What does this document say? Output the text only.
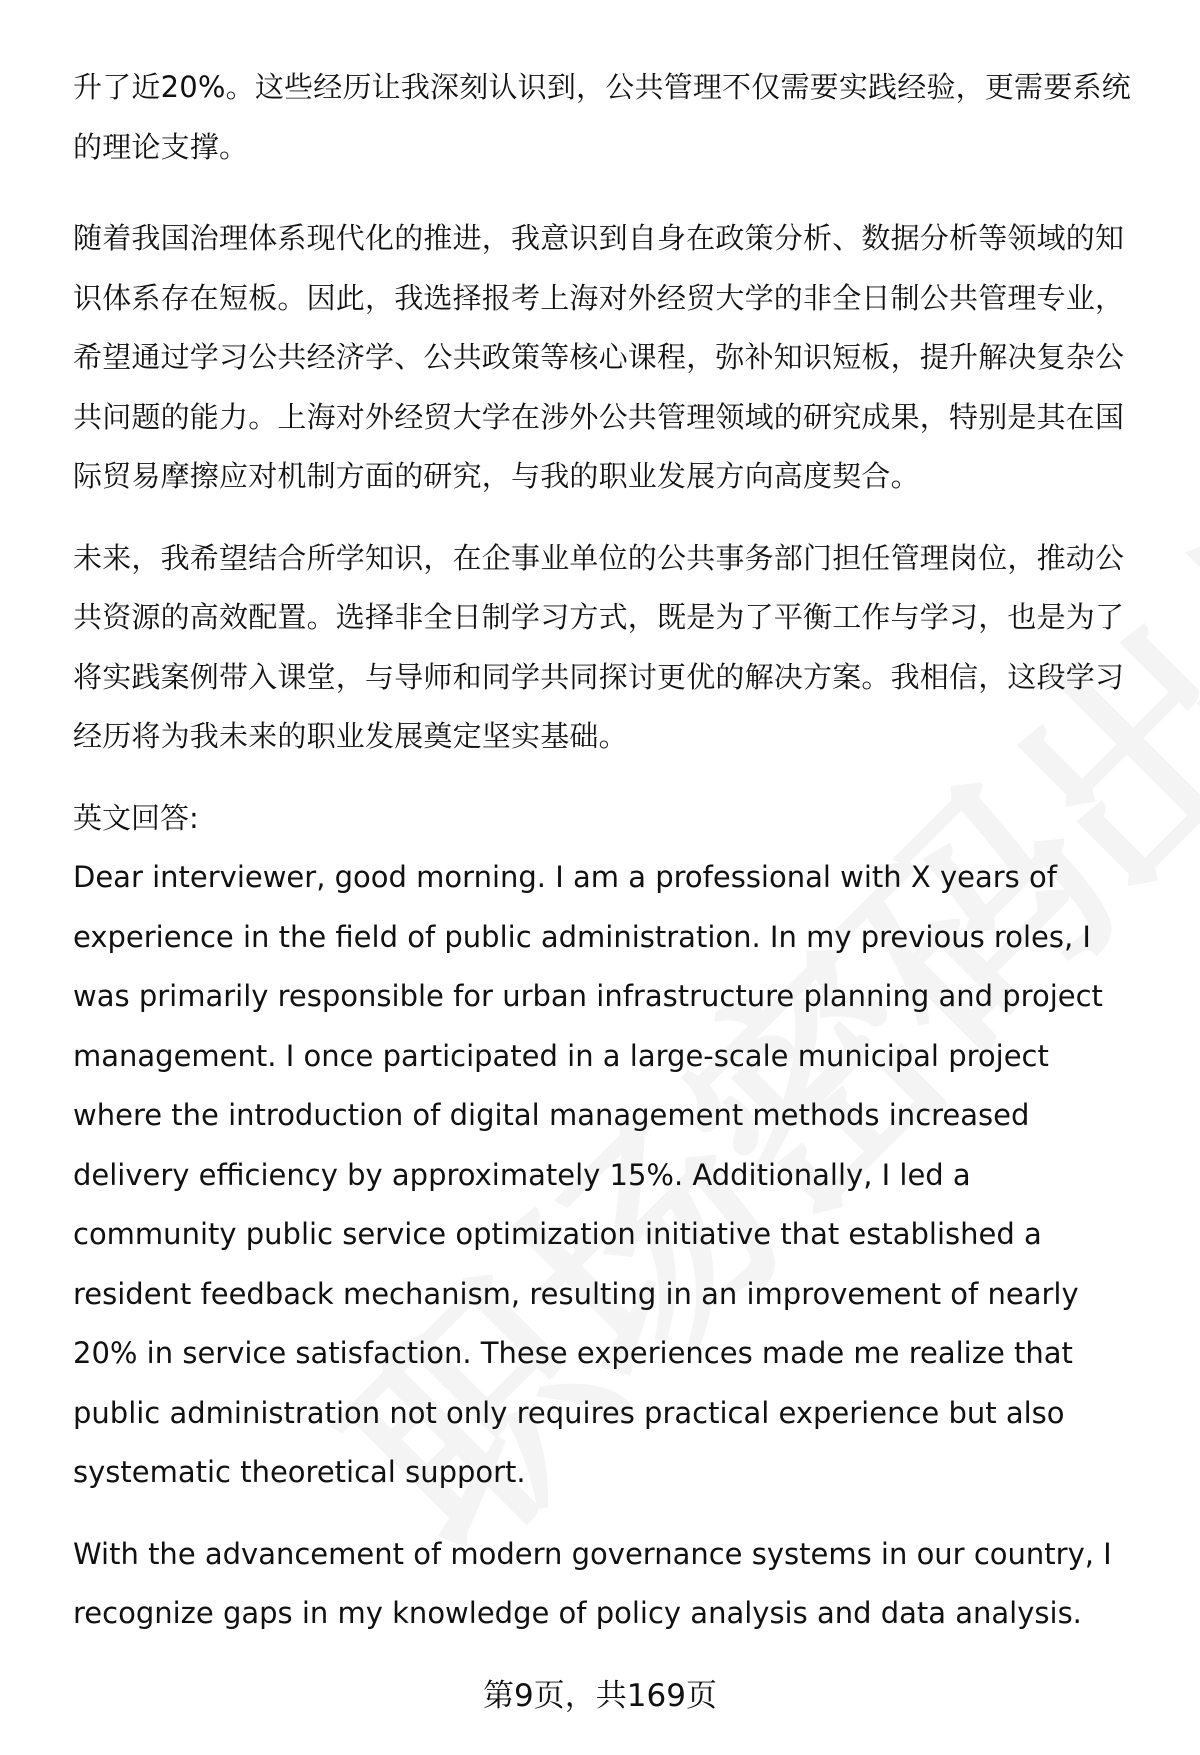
升了近20%。这些经历让我深刻认识到，公共管理不仅需要实践经验，更需要系统的理论支撑。

随着我国治理体系现代化的推进，我意识到自身在政策分析、数据分析等领域的知识体系存在短板。因此，我选择报考上海对外经贸大学的非全日制公共管理专业，希望通过学习公共经济学、公共政策等核心课程，弥补知识短板，提升解决复杂公共问题的能力。上海对外经贸大学在涉外公共管理领域的研究成果，特别是其在国际贸易摩擦应对机制方面的研究，与我的职业发展方向高度契合。

未来，我希望结合所学知识，在企事业单位的公共事务部门担任管理岗位，推动公共资源的高效配置。选择非全日制学习方式，既是为了平衡工作与学习，也是为了将实践案例带入课堂，与导师和同学共同探讨更优的解决方案。我相信，这段学习经历将为我未来的职业发展奠定坚实基础。

英文回答:

Dear interviewer, good morning. I am a professional with X years of experience in the field of public administration. In my previous roles, I was primarily responsible for urban infrastructure planning and project management. I once participated in a large-scale municipal project where the introduction of digital management methods increased delivery efficiency by approximately 15%. Additionally, I led a community public service optimization initiative that established a resident feedback mechanism, resulting in an improvement of nearly 20% in service satisfaction. These experiences made me realize that public administration not only requires practical experience but also systematic theoretical support.

With the advancement of modern governance systems in our country, I recognize gaps in my knowledge of policy analysis and data analysis.

第9页，共169页
